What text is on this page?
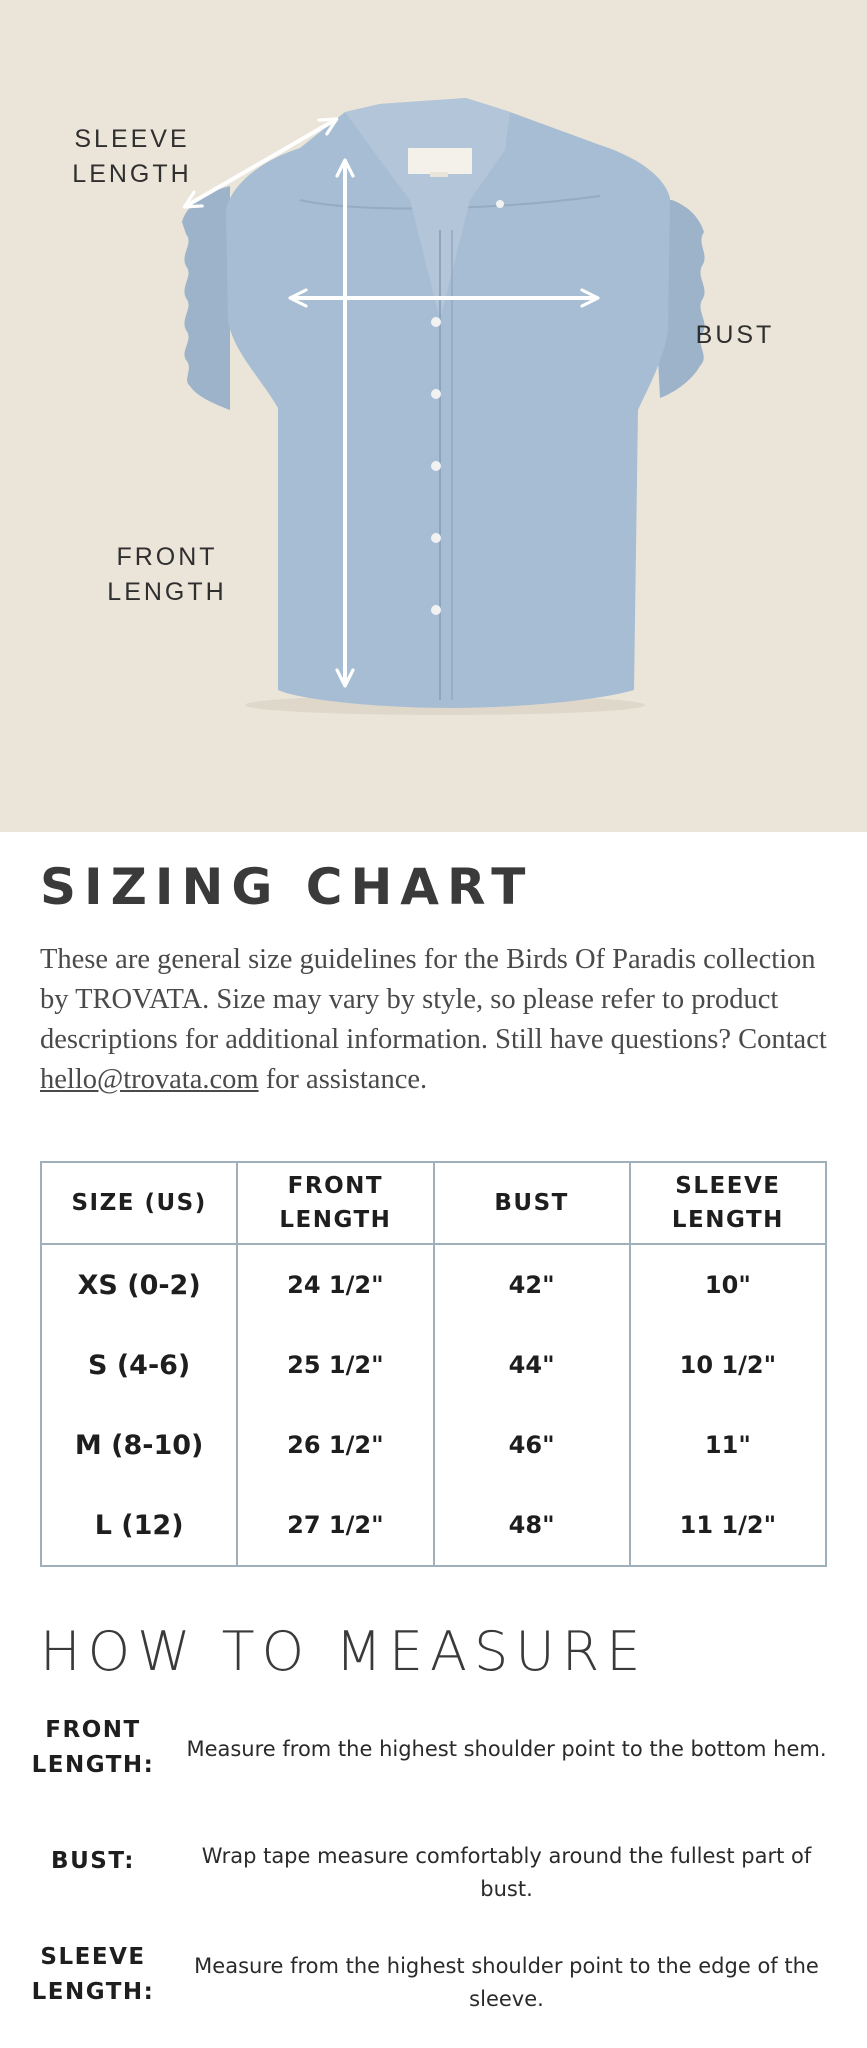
SLEEVE LENGTH
BUST
FRONT LENGTH
SIZING CHART

These are general size guidelines for the Birds Of Paradis collection by TROVATA. Size may vary by style, so please refer to product descriptions for additional information. Still have questions? Contact hello@trovata.com for assistance.

SIZE (US)	FRONT LENGTH	BUST	SLEEVE LENGTH
XS (0-2)	24 1/2"	42"	10"
S (4-6)	25 1/2"	44"	10 1/2"
M (8-10)	26 1/2"	46"	11"
L (12)	27 1/2"	48"	11 1/2"
HOW TO MEASURE
FRONT LENGTH:
Measure from the highest shoulder point to the bottom hem.
BUST:	Wrap tape measure comfortably around the fullest part of bust.
SLEEVE LENGTH:
Measure from the highest shoulder point to the edge of the sleeve.
